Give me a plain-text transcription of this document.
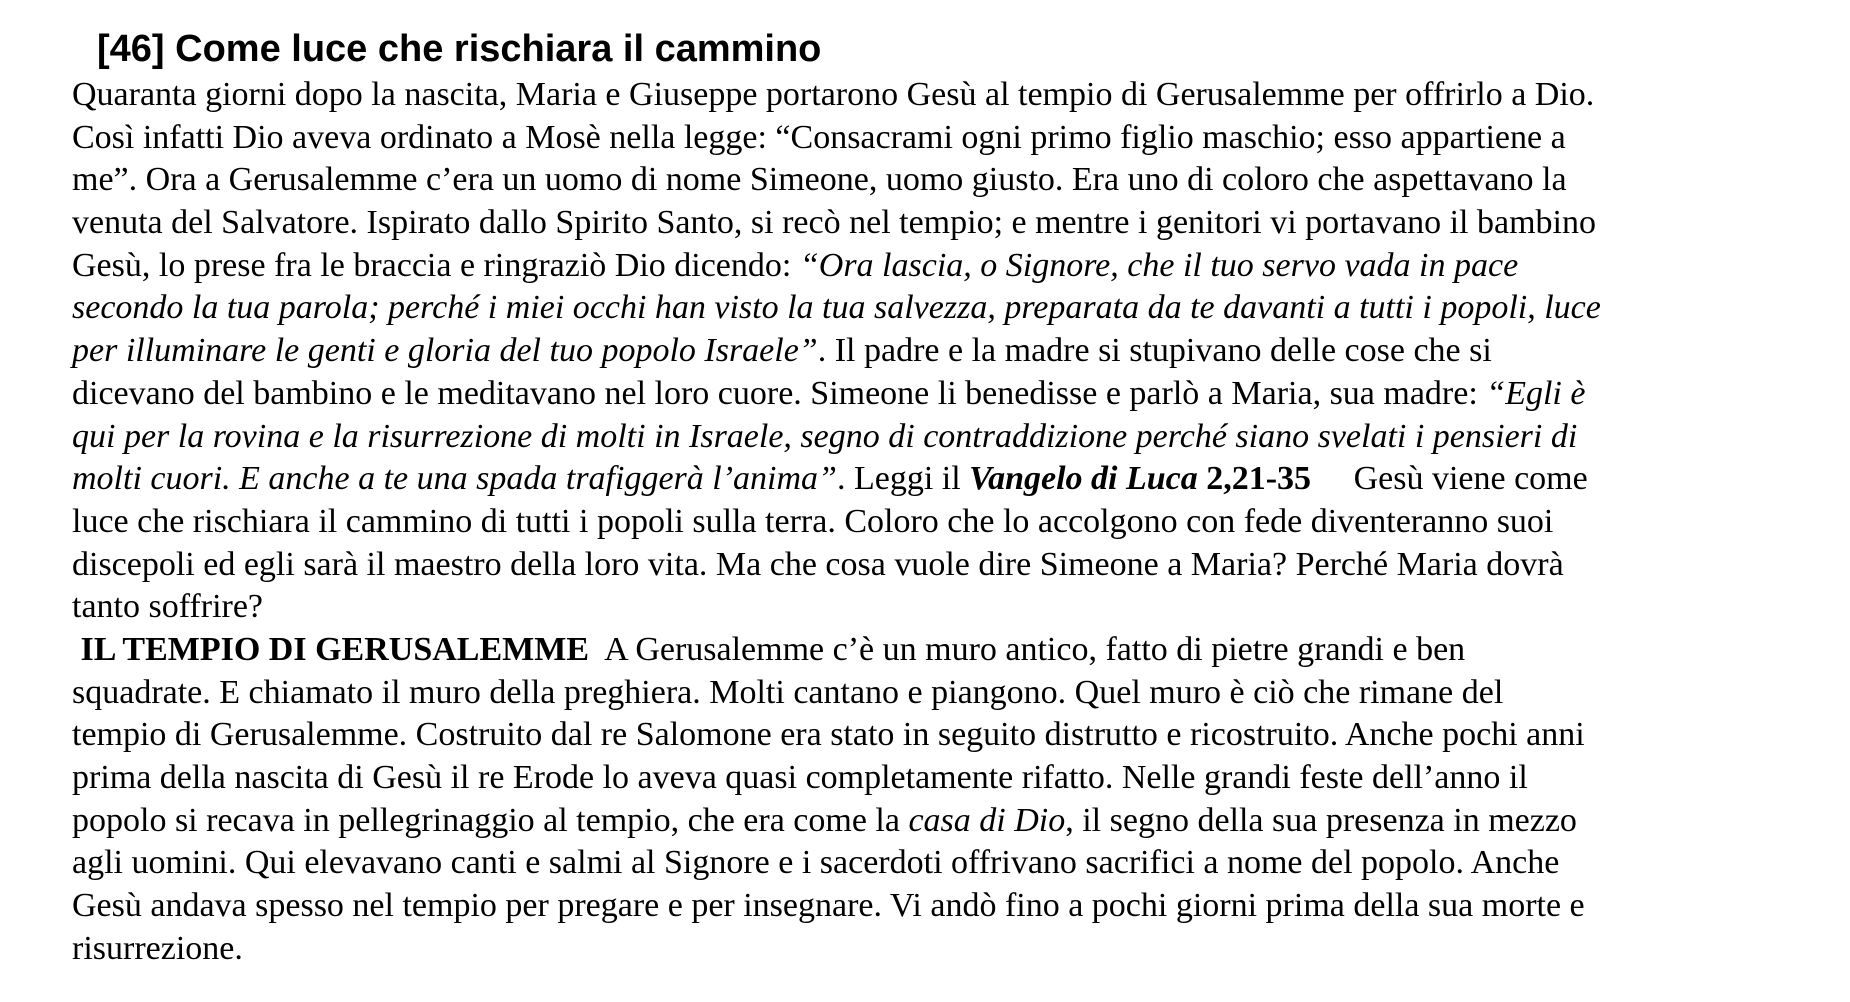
[46] Come luce che rischiara il cammino
Quaranta giorni dopo la nascita, Maria e Giuseppe portarono Gesù al tempio di Gerusalemme per offrirlo a Dio.
Così infatti Dio aveva ordinato a Mosè nella legge: “Consacrami ogni primo figlio maschio; esso appartiene a
me”. Ora a Gerusalemme c’era un uomo di nome Simeone, uomo giusto. Era uno di coloro che aspettavano la
venuta del Salvatore. Ispirato dallo Spirito Santo, si recò nel tempio; e mentre i genitori vi portavano il bambino
Gesù, lo prese fra le braccia e ringraziò Dio dicendo: “Ora lascia, o Signore, che il tuo servo vada in pace
secondo la tua parola; perché i miei occhi han visto la tua salvezza, preparata da te davanti a tutti i popoli, luce
per illuminare le genti e gloria del tuo popolo Israele”. Il padre e la madre si stupivano delle cose che si
dicevano del bambino e le meditavano nel loro cuore. Simeone li benedisse e parlò a Maria, sua madre: “Egli è
qui per la rovina e la risurrezione di molti in Israele, segno di contraddizione perché siano svelati i pensieri di
molti cuori. E anche a te una spada trafiggerà l’anima”. Leggi il Vangelo di Luca 2,21-35     Gesù viene come
luce che rischiara il cammino di tutti i popoli sulla terra. Coloro che lo accolgono con fede diventeranno suoi
discepoli ed egli sarà il maestro della loro vita. Ma che cosa vuole dire Simeone a Maria? Perché Maria dovrà
tanto soffrire?
IL TEMPIO DI GERUSALEMME  A Gerusalemme c’è un muro antico, fatto di pietre grandi e ben
squadrate. E chiamato il muro della preghiera. Molti cantano e piangono. Quel muro è ciò che rimane del
tempio di Gerusalemme. Costruito dal re Salomone era stato in seguito distrutto e ricostruito. Anche pochi anni
prima della nascita di Gesù il re Erode lo aveva quasi completamente rifatto. Nelle grandi feste dell’anno il
popolo si recava in pellegrinaggio al tempio, che era come la casa di Dio, il segno della sua presenza in mezzo
agli uomini. Qui elevavano canti e salmi al Signore e i sacerdoti offrivano sacrifici a nome del popolo. Anche
Gesù andava spesso nel tempio per pregare e per insegnare. Vi andò fino a pochi giorni prima della sua morte e
risurrezione.
